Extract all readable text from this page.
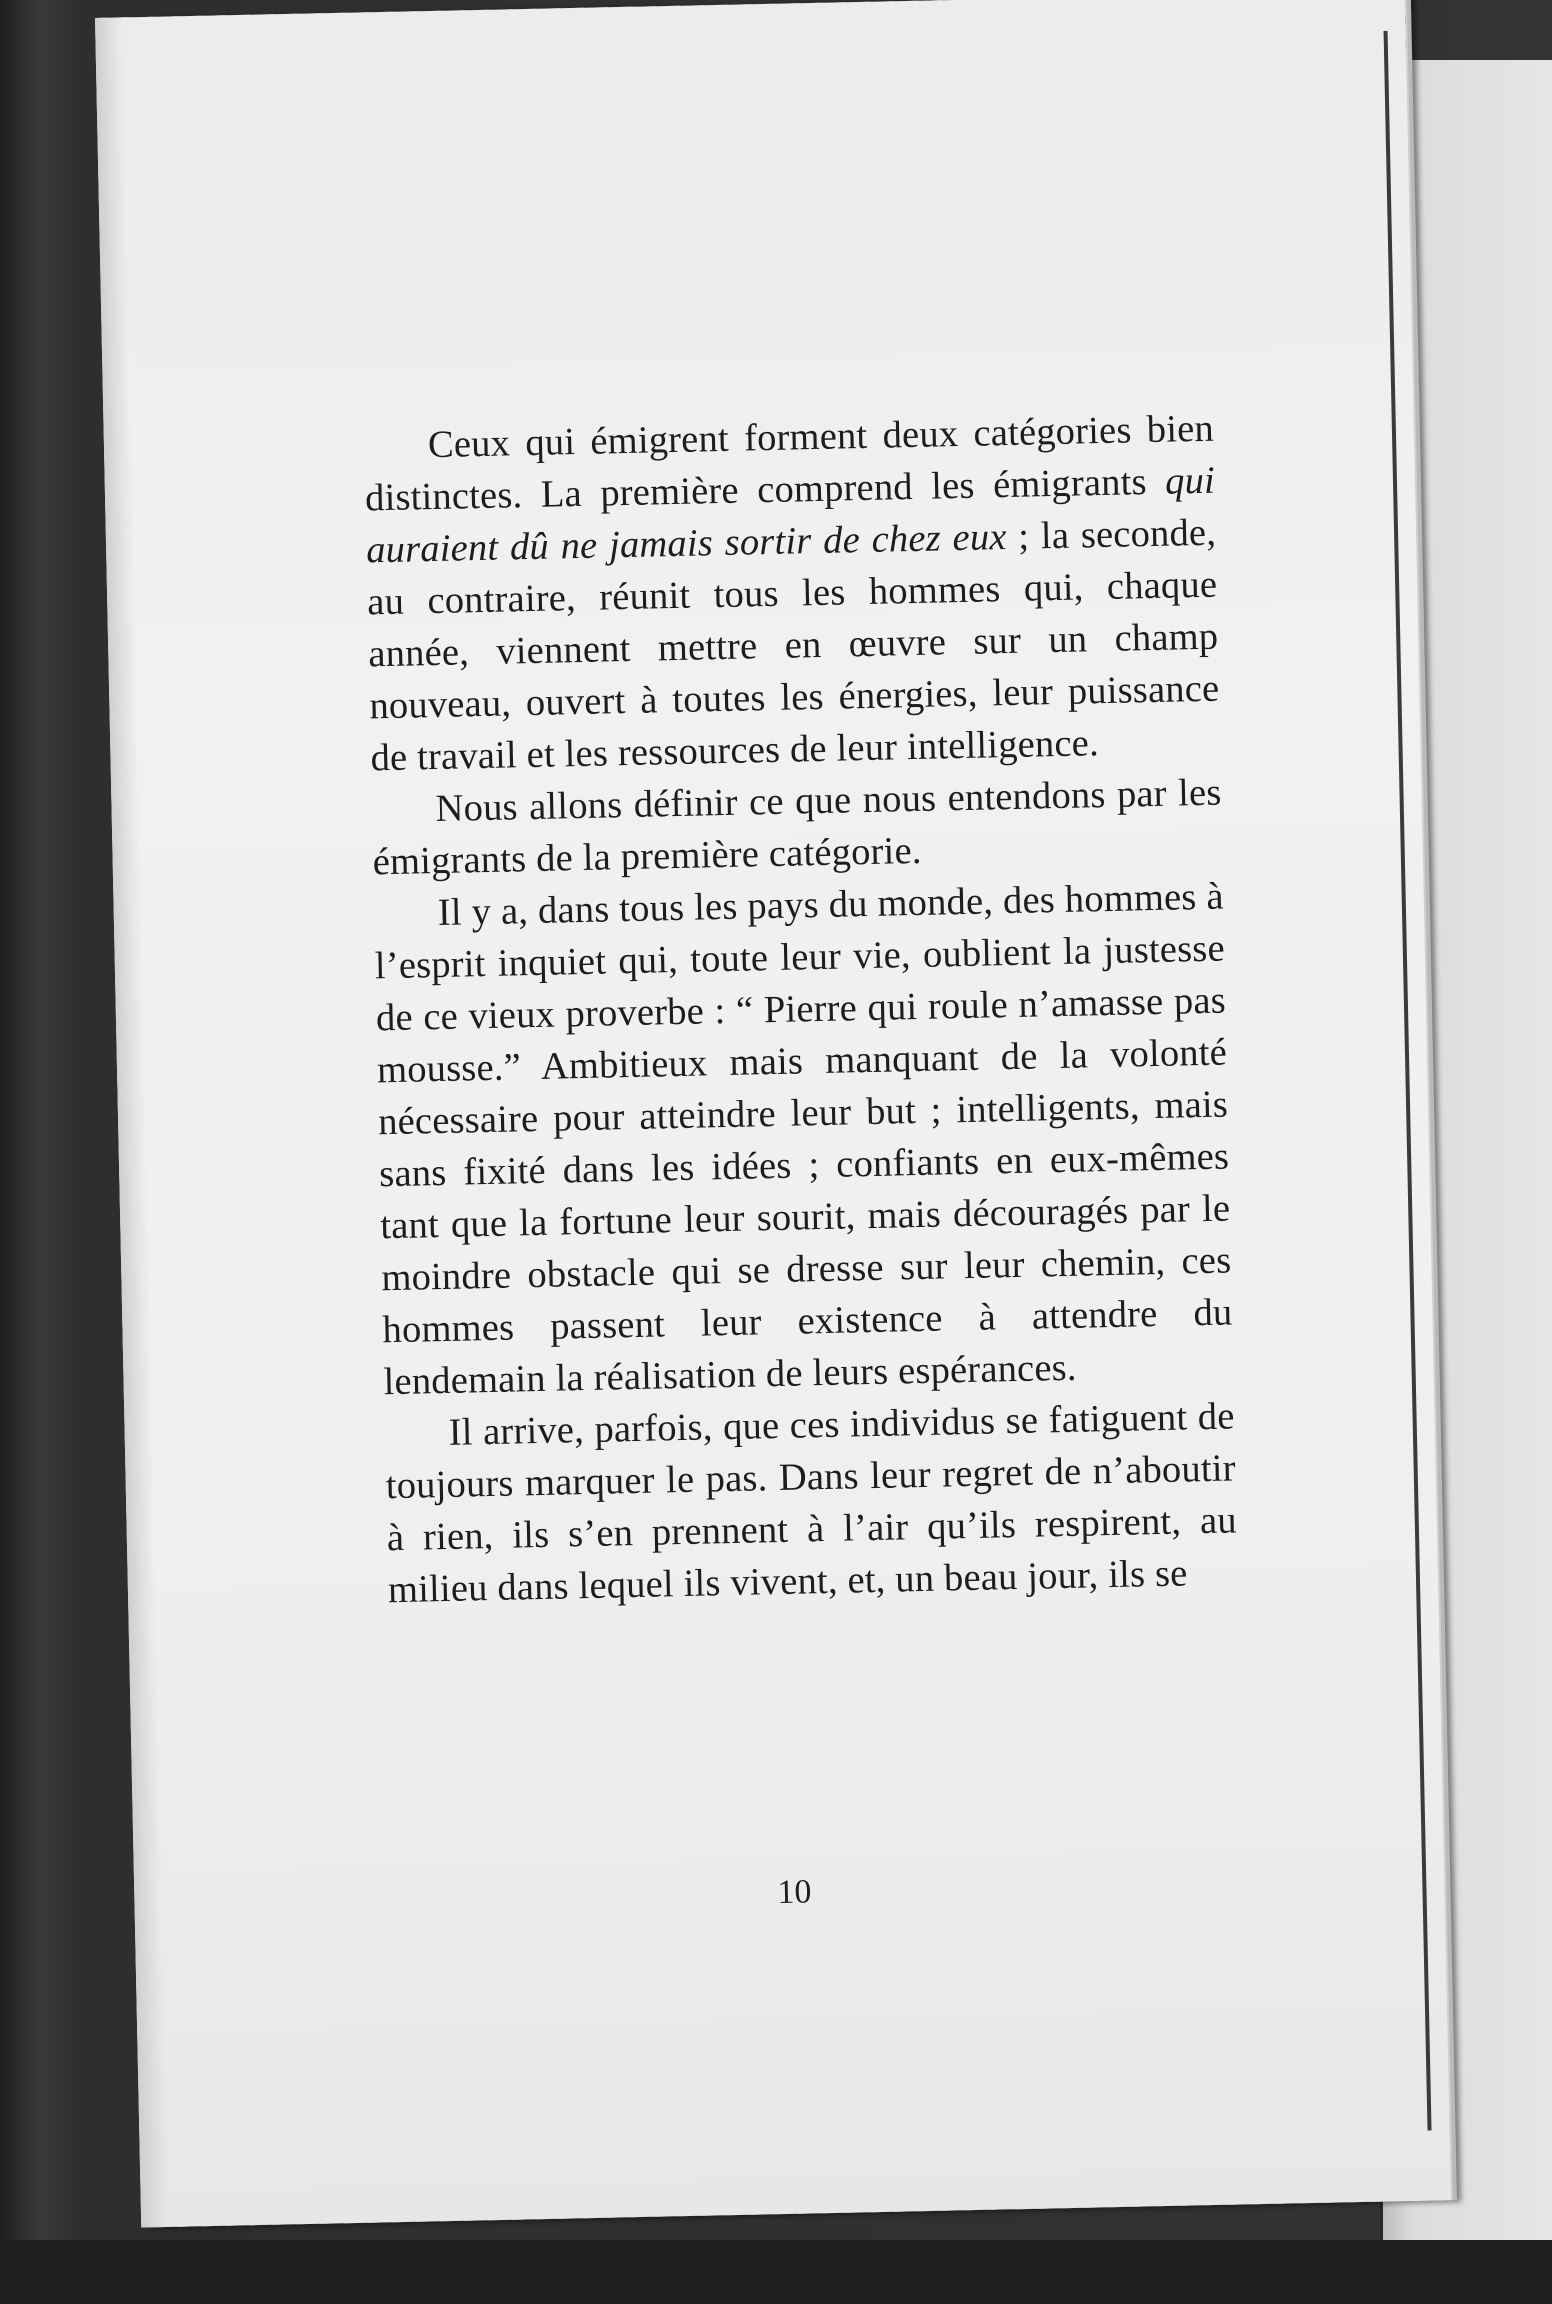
Ceux qui émigrent forment deux catégories bien distinctes. La première comprend les émigrants qui auraient dû ne jamais sortir de chez eux ; la seconde, au contraire, réunit tous les hommes qui, chaque année, viennent mettre en œuvre sur un champ nouveau, ouvert à toutes les énergies, leur puissance de travail et les ressources de leur intelligence.

Nous allons définir ce que nous entendons par les émigrants de la première catégorie.

Il y a, dans tous les pays du monde, des hommes à l’esprit inquiet qui, toute leur vie, oublient la justesse de ce vieux proverbe : “ Pierre qui roule n’amasse pas mousse.” Ambitieux mais manquant de la volonté nécessaire pour atteindre leur but ; intelligents, mais sans fixité dans les idées ; confiants en eux-mêmes tant que la fortune leur sourit, mais découragés par le moindre obstacle qui se dresse sur leur chemin, ces hommes passent leur existence à attendre du lendemain la réalisation de leurs espérances.

Il arrive, parfois, que ces individus se fatiguent de toujours marquer le pas. Dans leur regret de n’aboutir à rien, ils s’en prennent à l’air qu’ils respirent, au milieu dans lequel ils vivent, et, un beau jour, ils se

10
